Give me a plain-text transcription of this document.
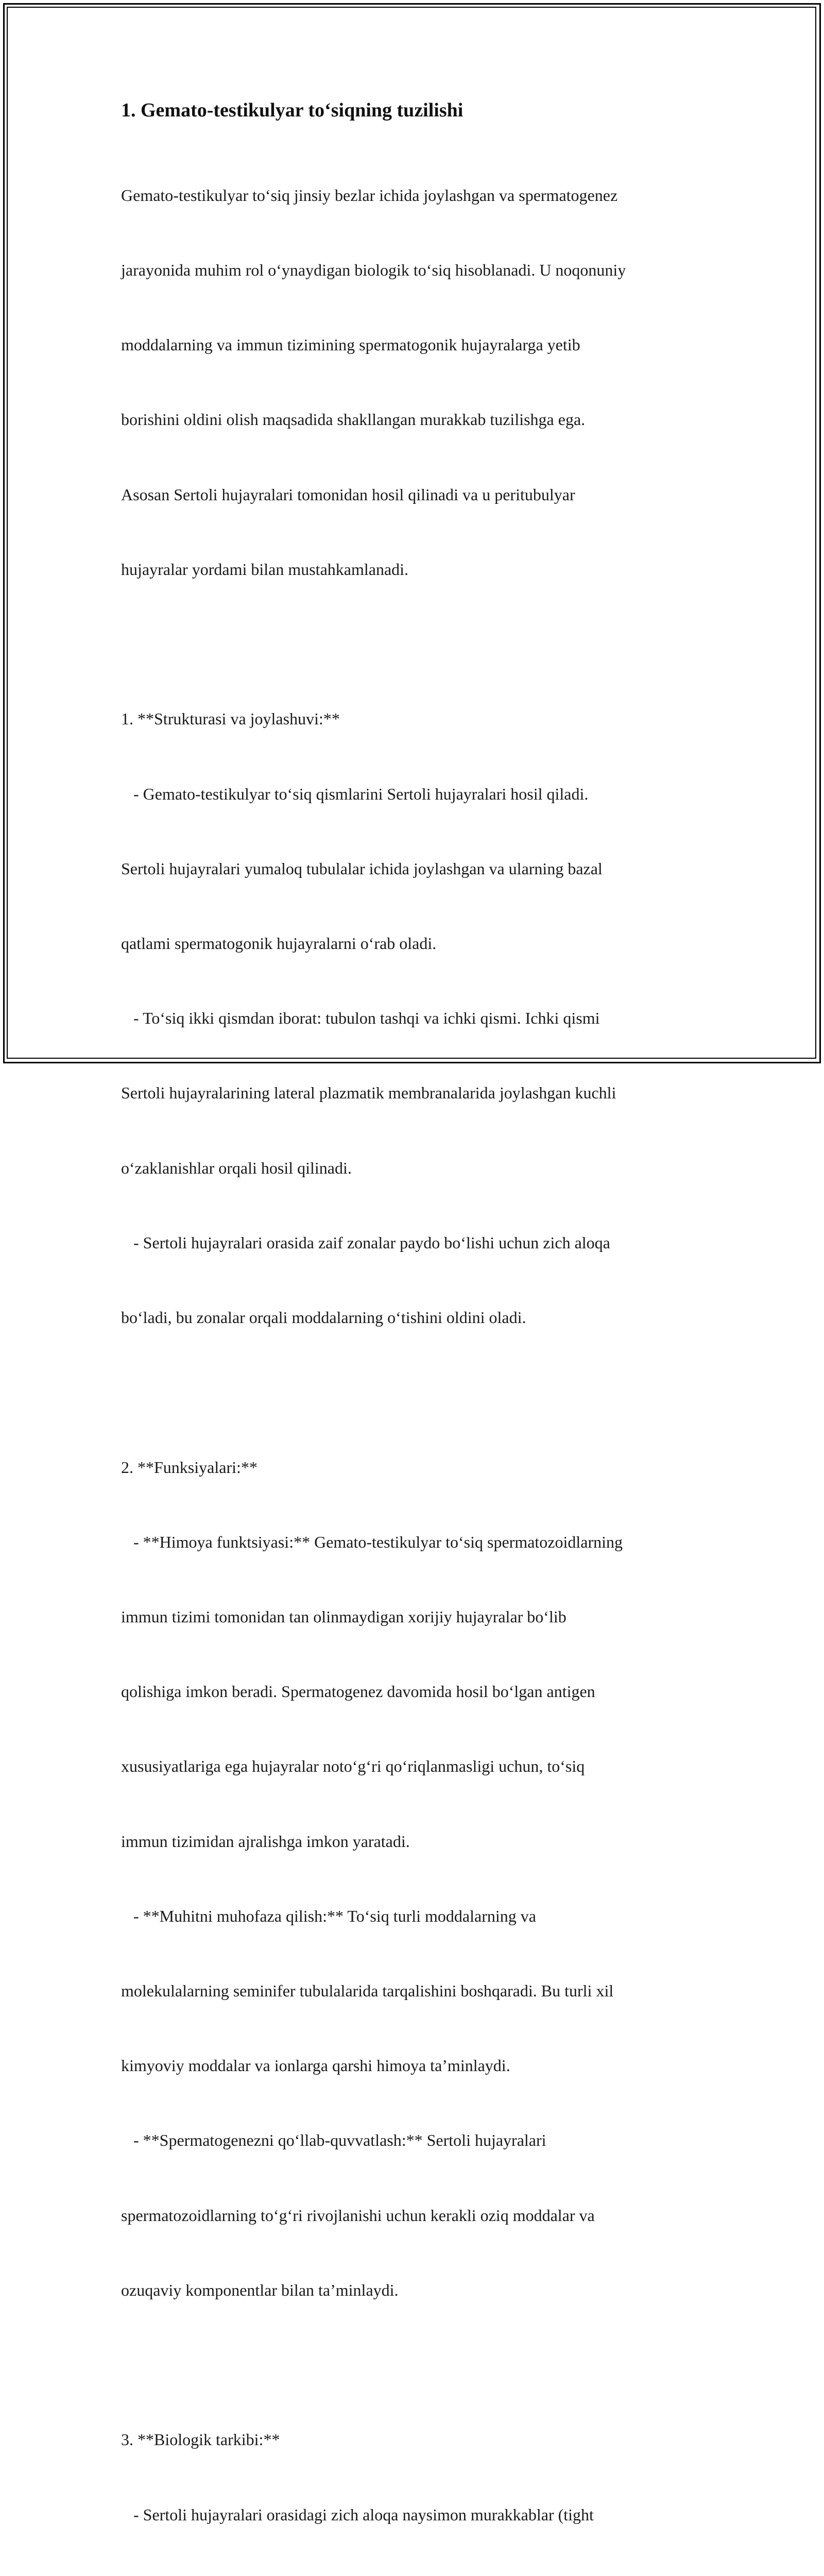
1. Gemato-testikulyar to‘siqning tuzilishi

Gemato-testikulyar to‘siq jinsiy bezlar ichida joylashgan va spermatogenez

jarayonida muhim rol o‘ynaydigan biologik to‘siq hisoblanadi. U noqonuniy

moddalarning va immun tizimining spermatogonik hujayralarga yetib

borishini oldini olish maqsadida shakllangan murakkab tuzilishga ega.

Asosan Sertoli hujayralari tomonidan hosil qilinadi va u peritubulyar

hujayralar yordami bilan mustahkamlanadi.

1. **Strukturasi va joylashuvi:**

- Gemato-testikulyar to‘siq qismlarini Sertoli hujayralari hosil qiladi.

Sertoli hujayralari yumaloq tubulalar ichida joylashgan va ularning bazal

qatlami spermatogonik hujayralarni o‘rab oladi.

- To‘siq ikki qismdan iborat: tubulon tashqi va ichki qismi. Ichki qismi

Sertoli hujayralarining lateral plazmatik membranalarida joylashgan kuchli

o‘zaklanishlar orqali hosil qilinadi.

- Sertoli hujayralari orasida zaif zonalar paydo bo‘lishi uchun zich aloqa

bo‘ladi, bu zonalar orqali moddalarning o‘tishini oldini oladi.

2. **Funksiyalari:**

- **Himoya funktsiyasi:** Gemato-testikulyar to‘siq spermatozoidlarning

immun tizimi tomonidan tan olinmaydigan xorijiy hujayralar bo‘lib

qolishiga imkon beradi. Spermatogenez davomida hosil bo‘lgan antigen

xususiyatlariga ega hujayralar noto‘g‘ri qo‘riqlanmasligi uchun, to‘siq

immun tizimidan ajralishga imkon yaratadi.

- **Muhitni muhofaza qilish:** To‘siq turli moddalarning va

molekulalarning seminifer tubulalarida tarqalishini boshqaradi. Bu turli xil

kimyoviy moddalar va ionlarga qarshi himoya ta’minlaydi.

- **Spermatogenezni qo‘llab-quvvatlash:** Sertoli hujayralari

spermatozoidlarning to‘g‘ri rivojlanishi uchun kerakli oziq moddalar va

ozuqaviy komponentlar bilan ta’minlaydi.

3. **Biologik tarkibi:**

- Sertoli hujayralari orasidagi zich aloqa naysimon murakkablar (tight
